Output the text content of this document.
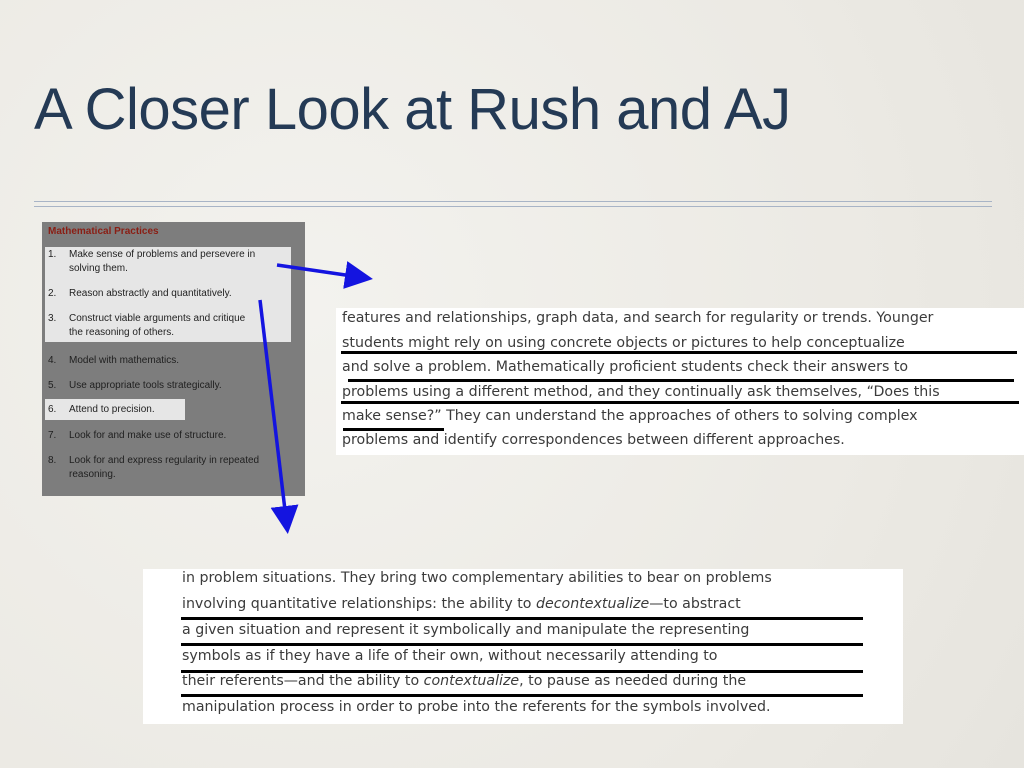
A Closer Look at Rush and AJ
Mathematical Practices
1. Make sense of problems and persevere in
solving them.
2. Reason abstractly and quantitatively.
3. Construct viable arguments and critique
the reasoning of others.
4. Model with mathematics.
5. Use appropriate tools strategically.
6. Attend to precision.
7. Look for and make use of structure.
8. Look for and express regularity in repeated
reasoning.
features and relationships, graph data, and search for regularity or trends. Younger
students might rely on using concrete objects or pictures to help conceptualize
and solve a problem. Mathematically proficient students check their answers to
problems using a different method, and they continually ask themselves, “Does this
make sense?” They can understand the approaches of others to solving complex
problems and identify correspondences between different approaches.
in problem situations. They bring two complementary abilities to bear on problems
involving quantitative relationships: the ability to decontextualize—to abstract
a given situation and represent it symbolically and manipulate the representing
symbols as if they have a life of their own, without necessarily attending to
their referents—and the ability to contextualize, to pause as needed during the
manipulation process in order to probe into the referents for the symbols involved.
